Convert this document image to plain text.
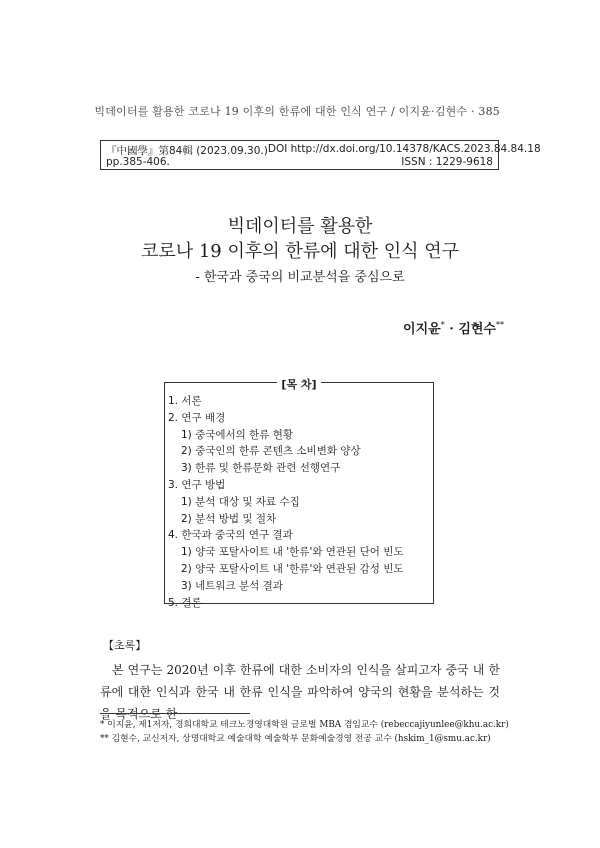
빅데이터를 활용한 코로나 19 이후의 한류에 대한 인식 연구 / 이지윤·김현수 · 385
『中國學』第84輯 (2023.09.30.) DOI http://dx.doi.org/10.14378/KACS.2023.84.84.18
pp.385-406.	ISSN : 1229-9618
빅데이터를 활용한
코로나 19 이후의 한류에 대한 인식 연구
- 한국과 중국의 비교분석을 중심으로
이지윤* · 김현수**
[목 차]
1. 서론
2. 연구 배경
1) 중국에서의 한류 현황
2) 중국인의 한류 콘텐츠 소비변화 양상
3) 한류 및 한류문화 관련 선행연구
3. 연구 방법
1) 분석 대상 및 자료 수집
2) 분석 방법 및 절차
4. 한국과 중국의 연구 결과
1) 양국 포탈사이트 내 '한류'와 연관된 단어 빈도
2) 양국 포탈사이트 내 '한류'와 연관된 감성 빈도
3) 네트워크 분석 결과
5. 결론
【초록】

본 연구는 2020년 이후 한류에 대한 소비자의 인식을 살피고자 중국 내 한류에 대한 인식과 한국 내 한류 인식을 파악하여 양국의 현황을 분석하는 것을 목적으로 한

* 이지윤, 제1저자, 경희대학교 테크노경영대학원 글로벌 MBA 겸임교수 (rebeccajiyunlee@khu.ac.kr)
** 김현수, 교신저자, 상명대학교 예술대학 예술학부 문화예술경영 전공 교수 (hskim_1@smu.ac.kr)
